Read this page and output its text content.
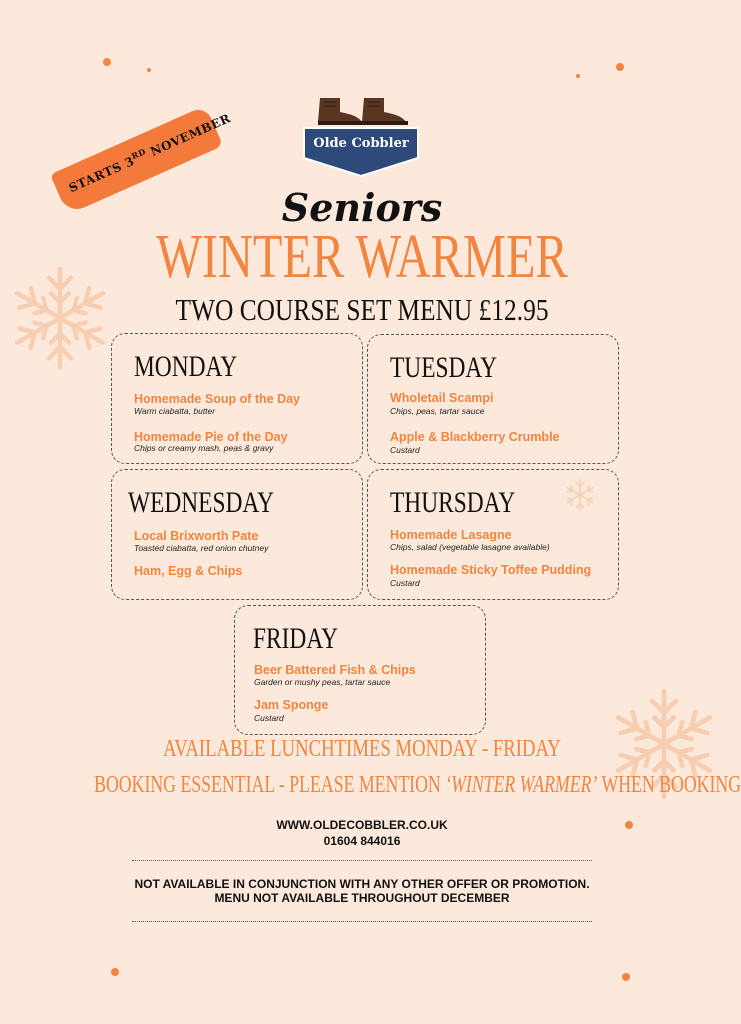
Olde Cobbler
STARTS 3RD NOVEMBER
Seniors
WINTER WARMER
TWO COURSE SET MENU £12.95
MONDAY
Homemade Soup of the Day
Warm ciabatta, butter
Homemade Pie of the Day
Chips or creamy mash, peas & gravy
TUESDAY
Wholetail Scampi
Chips, peas, tartar sauce
Apple & Blackberry Crumble
Custard
WEDNESDAY
Local Brixworth Pate
Toasted ciabatta, red onion chutney
Ham, Egg & Chips
THURSDAY
Homemade Lasagne
Chips, salad (vegetable lasagne available)
Homemade Sticky Toffee Pudding
Custard
FRIDAY
Beer Battered Fish & Chips
Garden or mushy peas, tartar sauce
Jam Sponge
Custard
AVAILABLE LUNCHTIMES MONDAY - FRIDAY
BOOKING ESSENTIAL - PLEASE MENTION ‘WINTER WARMER’ WHEN BOOKING
WWW.OLDECOBBLER.CO.UK
01604 844016
NOT AVAILABLE IN CONJUNCTION WITH ANY OTHER OFFER OR PROMOTION.
MENU NOT AVAILABLE THROUGHOUT DECEMBER
